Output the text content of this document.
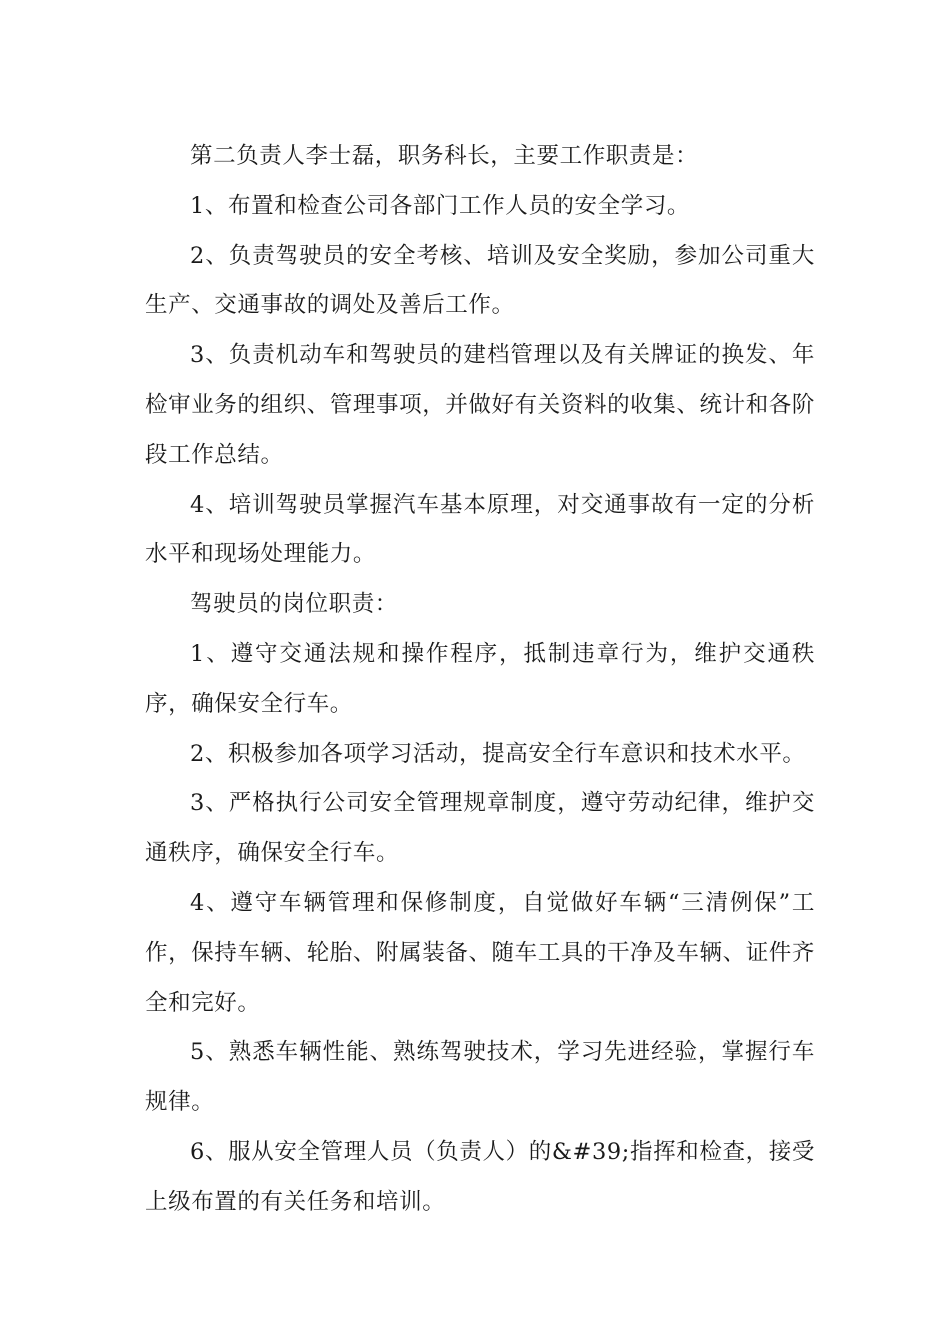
第二负责人李士磊，职务科长，主要工作职责是：

1、布置和检查公司各部门工作人员的安全学习。

2、负责驾驶员的安全考核、培训及安全奖励，参加公司重大生产、交通事故的调处及善后工作。

3、负责机动车和驾驶员的建档管理以及有关牌证的换发、年检审业务的组织、管理事项，并做好有关资料的收集、统计和各阶段工作总结。

4、培训驾驶员掌握汽车基本原理，对交通事故有一定的分析水平和现场处理能力。

驾驶员的岗位职责：

1、遵守交通法规和操作程序，抵制违章行为，维护交通秩序，确保安全行车。

2、积极参加各项学习活动，提高安全行车意识和技术水平。

3、严格执行公司安全管理规章制度，遵守劳动纪律，维护交通秩序，确保安全行车。

4、遵守车辆管理和保修制度，自觉做好车辆“三清例保”工作，保持车辆、轮胎、附属装备、随车工具的干净及车辆、证件齐全和完好。

5、熟悉车辆性能、熟练驾驶技术，学习先进经验，掌握行车规律。

6、服从安全管理人员（负责人）的&#39;指挥和检查，接受上级布置的有关任务和培训。
